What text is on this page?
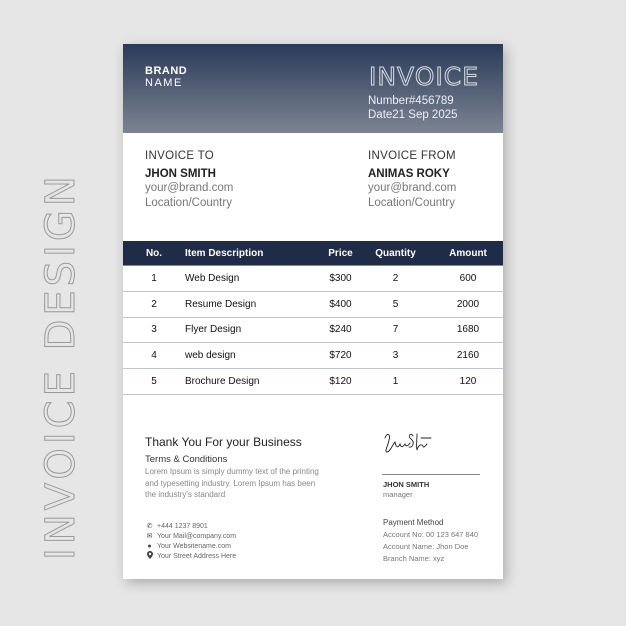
INVOICE DESIGN
BRAND
NAME	INVOICE
Number#456789
Date21 Sep 2025
INVOICE TO
JHON SMITH
your@brand.com
Location/Country
INVOICE FROM
ANIMAS ROKY
your@brand.com
Location/Country
No.	Item Description	Price	Quantity	Amount
1	Web Design	$300	2	600
2	Resume Design	$400	5	2000
3	Flyer Design	$240	7	1680
4	web design	$720	3	2160
5	Brochure Design	$120	1	120
Thank You For your Business
Terms & Conditions
Lorem Ipsum is simply dummy text of the printing
and typesetting industry. Lorem Ipsum has been
the industry's standard
✆ +444 1237 8901
✉ Your Mail@company.com
● Your Websitename.com
Your Street Address Here
JHON SMITH
manager
Payment Method
Account No: 00 123 647 840
Account Name: Jhon Doe
Branch Name: xyz
